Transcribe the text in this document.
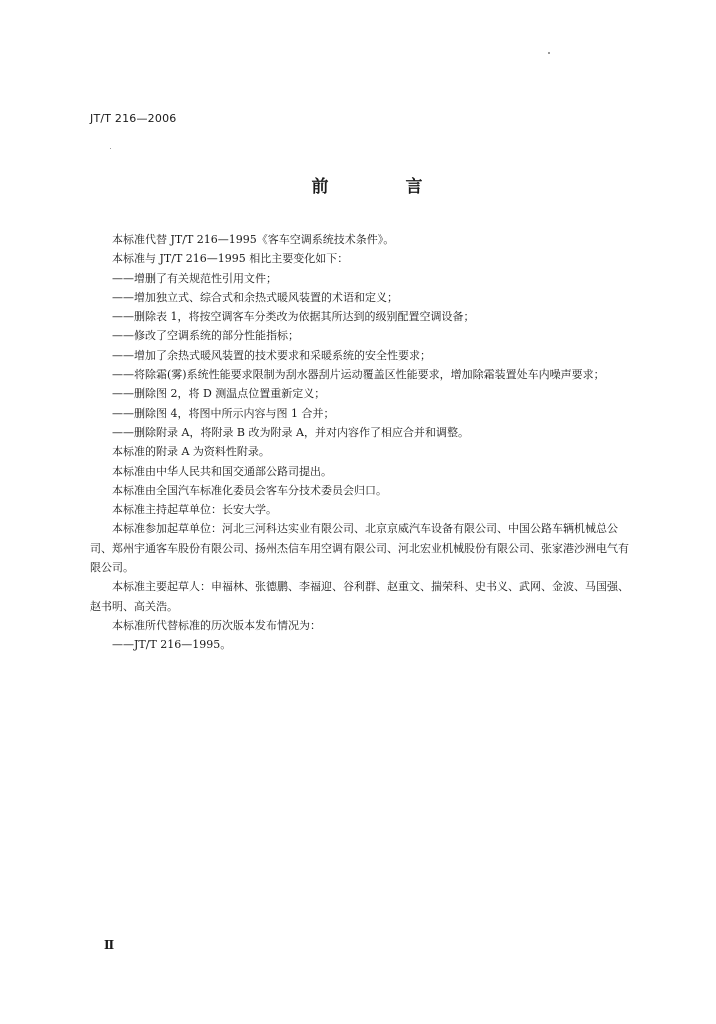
JT/T 216—2006
前　言

本标准代替 JT/T 216—1995《客车空调系统技术条件》。

本标准与 JT/T 216—1995 相比主要变化如下：

——增删了有关规范性引用文件；

——增加独立式、综合式和余热式暖风装置的术语和定义；

——删除表 1，将按空调客车分类改为依据其所达到的级别配置空调设备；

——修改了空调系统的部分性能指标；

——增加了余热式暖风装置的技术要求和采暖系统的安全性要求；

——将除霜(雾)系统性能要求限制为刮水器刮片运动覆盖区性能要求，增加除霜装置处车内噪声要求；

——删除图 2，将 D 测温点位置重新定义；

——删除图 4，将图中所示内容与图 1 合并；

——删除附录 A，将附录 B 改为附录 A，并对内容作了相应合并和调整。

本标准的附录 A 为资料性附录。

本标准由中华人民共和国交通部公路司提出。

本标准由全国汽车标准化委员会客车分技术委员会归口。

本标准主持起草单位：长安大学。

本标准参加起草单位：河北三河科达实业有限公司、北京京威汽车设备有限公司、中国公路车辆机械总公司、郑州宇通客车股份有限公司、扬州杰信车用空调有限公司、河北宏业机械股份有限公司、张家港沙洲电气有限公司。

本标准主要起草人：申福林、张德鹏、李福迎、谷利群、赵重文、揣荣科、史书义、武网、金波、马国强、赵书明、高关浩。

本标准所代替标准的历次版本发布情况为：

——JT/T 216—1995。

Ⅱ
